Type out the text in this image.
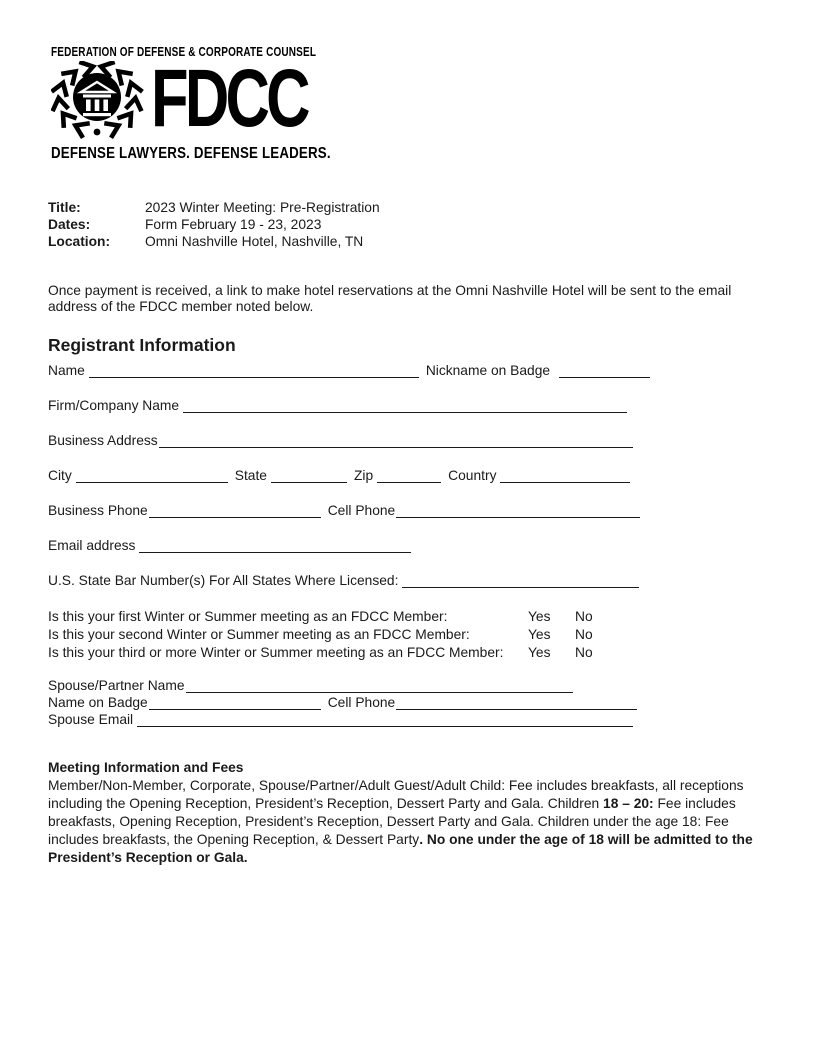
FEDERATION OF DEFENSE & CORPORATE COUNSEL
FDCC
DEFENSE LAWYERS. DEFENSE LEADERS.
Title:	2023 Winter Meeting: Pre-Registration
Dates:	Form February 19 - 23, 2023
Location:	Omni Nashville Hotel, Nashville, TN
Once payment is received, a link to make hotel reservations at the Omni Nashville Hotel will be sent to the email address of the FDCC member noted below.
Registrant Information
Name	Nickname on Badge
Firm/Company Name
Business Address
City	State	Zip	Country
Business Phone	Cell Phone
Email address
U.S. State Bar Number(s) For All States Where Licensed:
Is this your first Winter or Summer meeting as an FDCC Member:	Yes No
Is this your second Winter or Summer meeting as an FDCC Member:	Yes No
Is this your third or more Winter or Summer meeting as an FDCC Member:	Yes No
Spouse/Partner Name
Name on Badge	Cell Phone
Spouse Email
Meeting Information and Fees
Member/Non-Member, Corporate, Spouse/Partner/Adult Guest/Adult Child: Fee includes breakfasts, all receptions including the Opening Reception, President’s Reception, Dessert Party and Gala. Children 18 – 20: Fee includes breakfasts, Opening Reception, President’s Reception, Dessert Party and Gala. Children under the age 18: Fee includes breakfasts, the Opening Reception, & Dessert Party. No one under the age of 18 will be admitted to the President’s Reception or Gala.
